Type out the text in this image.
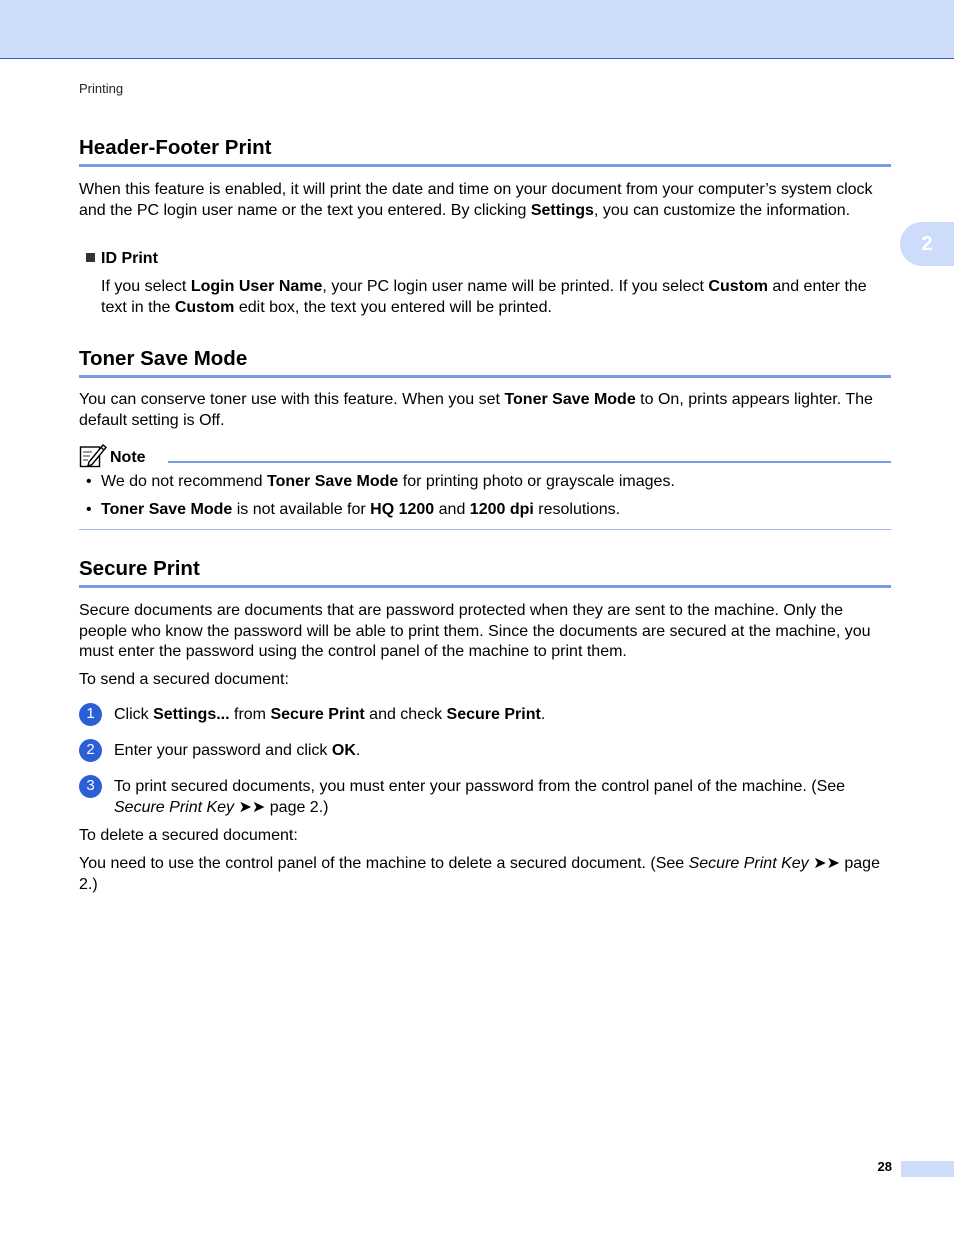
Printing
2
Header-Footer Print
When this feature is enabled, it will print the date and time on your document from your computer’s system clock and the PC login user name or the text you entered. By clicking Settings, you can customize the information.
ID Print
If you select Login User Name, your PC login user name will be printed. If you select Custom and enter the text in the Custom edit box, the text you entered will be printed.
Toner Save Mode
You can conserve toner use with this feature. When you set Toner Save Mode to On, prints appears lighter. The default setting is Off.
Note
• We do not recommend Toner Save Mode for printing photo or grayscale images.
• Toner Save Mode is not available for HQ 1200 and 1200 dpi resolutions.
Secure Print
Secure documents are documents that are password protected when they are sent to the machine. Only the people who know the password will be able to print them. Since the documents are secured at the machine, you must enter the password using the control panel of the machine to print them.
To send a secured document:
1	Click Settings... from Secure Print and check Secure Print.
2	Enter your password and click OK.
3	To print secured documents, you must enter your password from the control panel of the machine. (See Secure Print Key ➤➤ page 2.)
To delete a secured document:
You need to use the control panel of the machine to delete a secured document. (See Secure Print Key ➤➤ page 2.)
28
